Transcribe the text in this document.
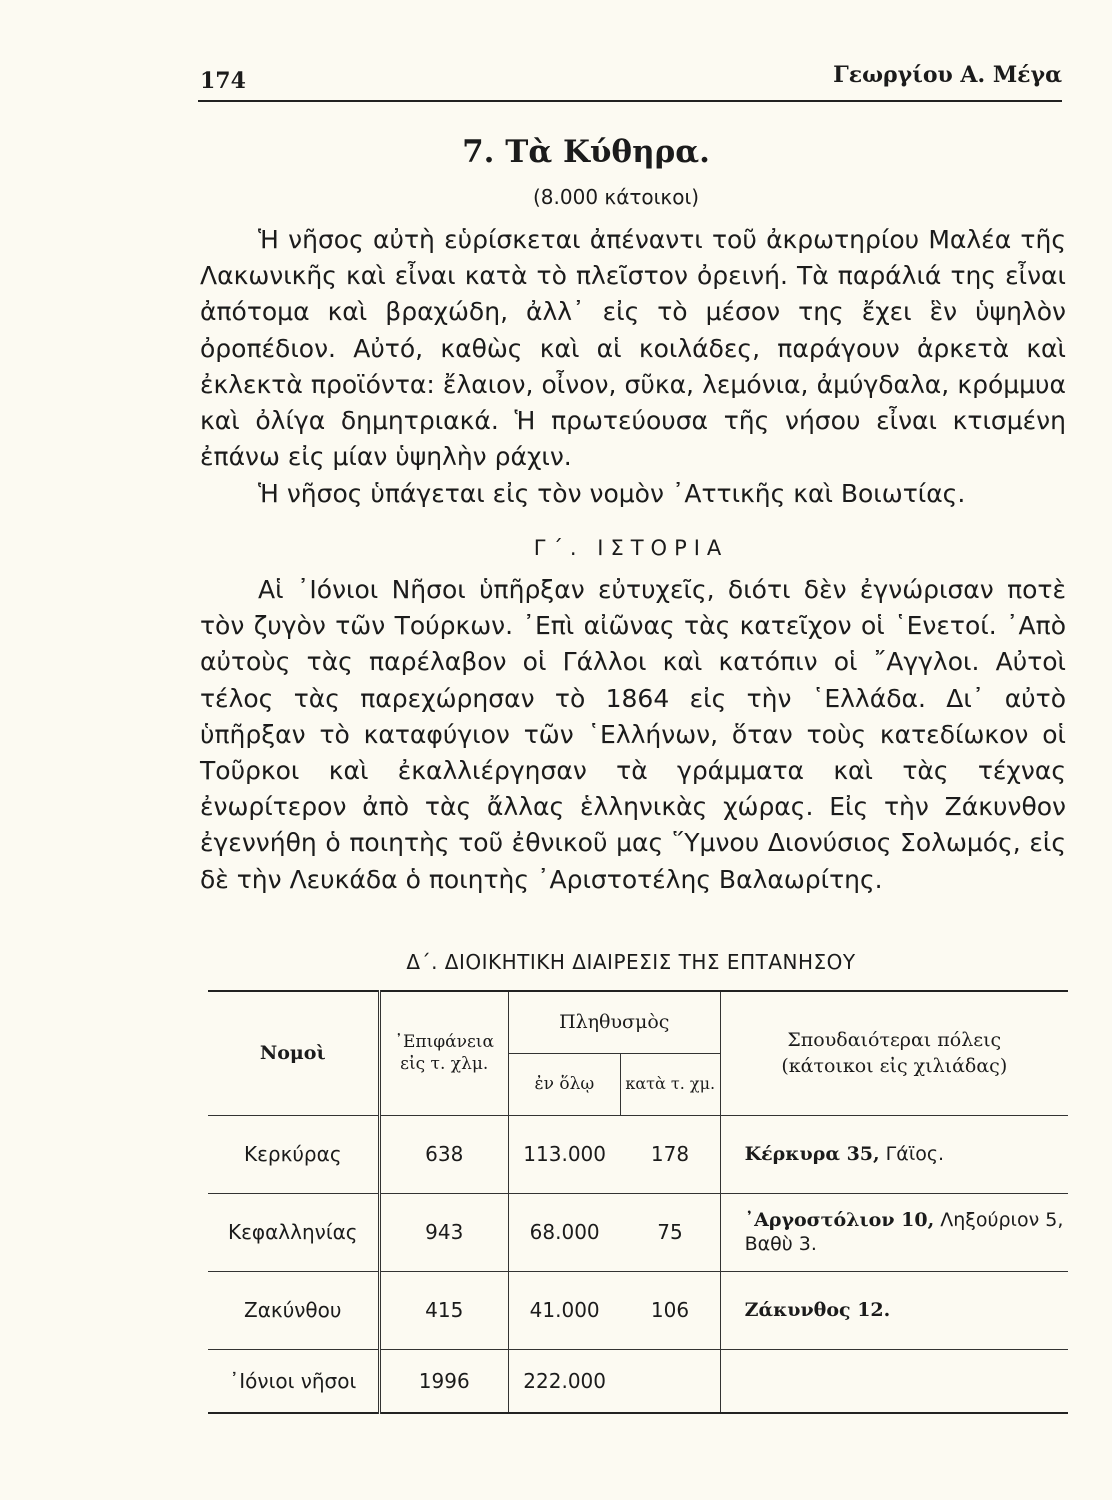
174	Γεωργίου Α. Μέγα
7. Τὰ Κύθηρα.
(8.000 κάτοικοι)

Ἡ νῆσος αὐτὴ εὑρίσκεται ἀπέναντι τοῦ ἀκρωτηρίου Μαλέα τῆς Λακωνικῆς καὶ εἶναι κατὰ τὸ πλεῖστον ὀρεινή. Τὰ παράλιά της εἶναι ἀπότομα καὶ βραχώδη, ἀλλ᾽ εἰς τὸ μέσον της ἔχει ἓν ὑψηλὸν ὀροπέδιον. Αὐτό, καθὼς καὶ αἱ κοιλάδες, παράγουν ἀρκετὰ καὶ ἐκλεκτὰ προϊόντα: ἔλαιον, οἶνον, σῦκα, λεμόνια, ἀμύγδαλα, κρόμμυα καὶ ὀλίγα δημητριακά. Ἡ πρωτεύουσα τῆς νήσου εἶναι κτισμένη ἐπάνω εἰς μίαν ὑψηλὴν ράχιν.

Ἡ νῆσος ὑπάγεται εἰς τὸν νομὸν ᾽Αττικῆς καὶ Βοιωτίας.

Γ΄. ΙΣΤΟΡΙΑ

Αἱ ᾽Ιόνιοι Νῆσοι ὑπῆρξαν εὐτυχεῖς, διότι δὲν ἐγνώρισαν ποτὲ τὸν ζυγὸν τῶν Τούρκων. ᾽Επὶ αἰῶνας τὰς κατεῖχον οἱ ῾Ενετοί. ᾽Απὸ αὐτοὺς τὰς παρέλαβον οἱ Γάλλοι καὶ κατόπιν οἱ ῎Αγγλοι. Αὐτοὶ τέλος τὰς παρεχώρησαν τὸ 1864 εἰς τὴν ῾Ελλάδα. Δι᾽ αὐτὸ ὑπῆρξαν τὸ καταφύγιον τῶν ῾Ελλήνων, ὅταν τοὺς κατεδίωκον οἱ Τοῦρκοι καὶ ἐκαλλιέργησαν τὰ γράμματα καὶ τὰς τέχνας ἐνωρίτερον ἀπὸ τὰς ἄλλας ἑλληνικὰς χώρας. Εἰς τὴν Ζάκυνθον ἐγεννήθη ὁ ποιητὴς τοῦ ἐθνικοῦ μας ῞Υμνου Διονύσιος Σολωμός, εἰς δὲ τὴν Λευκάδα ὁ ποιητὴς ᾽Αριστοτέλης Βαλαωρίτης.

Δ΄. ΔΙΟΙΚΗΤΙΚΗ ΔΙΑΙΡΕΣΙΣ ΤΗΣ ΕΠΤΑΝΗΣΟΥ
Νομοὶ	᾽Επιφάνεια εἰς τ. χλμ.	Πληθυσμὸς		Σπουδαιότεραι πόλεις (κάτοικοι εἰς χιλιάδας)
		ἐν ὅλῳ	κατὰ τ. χμ.	
Κερκύρας	638	113.000	178	Κέρκυρα 35, Γάϊος.
Κεφαλληνίας	943	68.000	75	᾽Αργοστόλιον 10, Ληξούριον 5, Βαθὺ 3.
Ζακύνθου	415	41.000	106	Ζάκυνθος 12.
᾽Ιόνιοι νῆσοι	1996	222.000		
